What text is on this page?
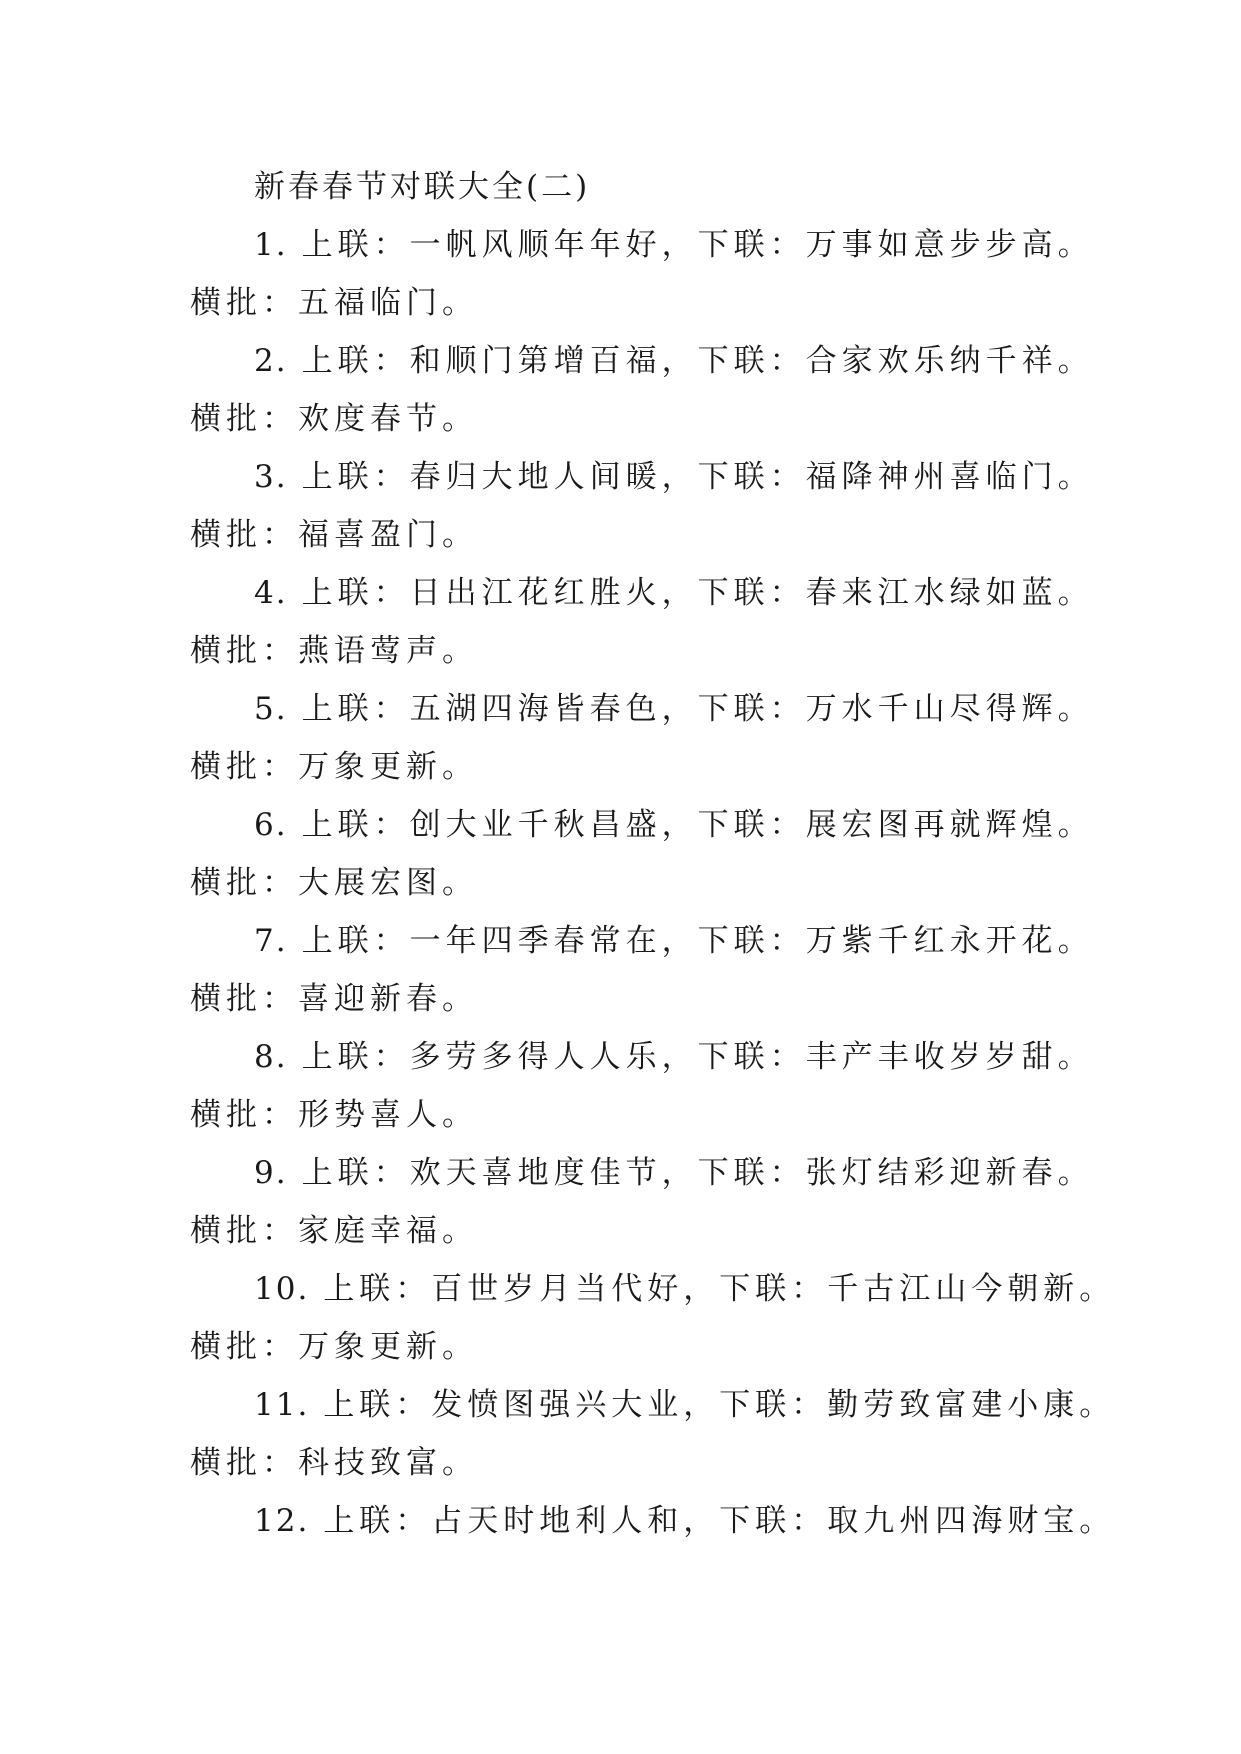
新春春节对联大全(二)

1. 上联：一帆风顺年年好，下联：万事如意步步高。
横批：五福临门。
2. 上联：和顺门第增百福，下联：合家欢乐纳千祥。
横批：欢度春节。
3. 上联：春归大地人间暖，下联：福降神州喜临门。
横批：福喜盈门。
4. 上联：日出江花红胜火，下联：春来江水绿如蓝。
横批：燕语莺声。
5. 上联：五湖四海皆春色，下联：万水千山尽得辉。
横批：万象更新。
6. 上联：创大业千秋昌盛，下联：展宏图再就辉煌。
横批：大展宏图。
7. 上联：一年四季春常在，下联：万紫千红永开花。
横批：喜迎新春。
8. 上联：多劳多得人人乐，下联：丰产丰收岁岁甜。
横批：形势喜人。
9. 上联：欢天喜地度佳节，下联：张灯结彩迎新春。
横批：家庭幸福。
10. 上联：百世岁月当代好，下联：千古江山今朝新。
横批：万象更新。
11. 上联：发愤图强兴大业，下联：勤劳致富建小康。
横批：科技致富。
12. 上联：占天时地利人和，下联：取九州四海财宝。
